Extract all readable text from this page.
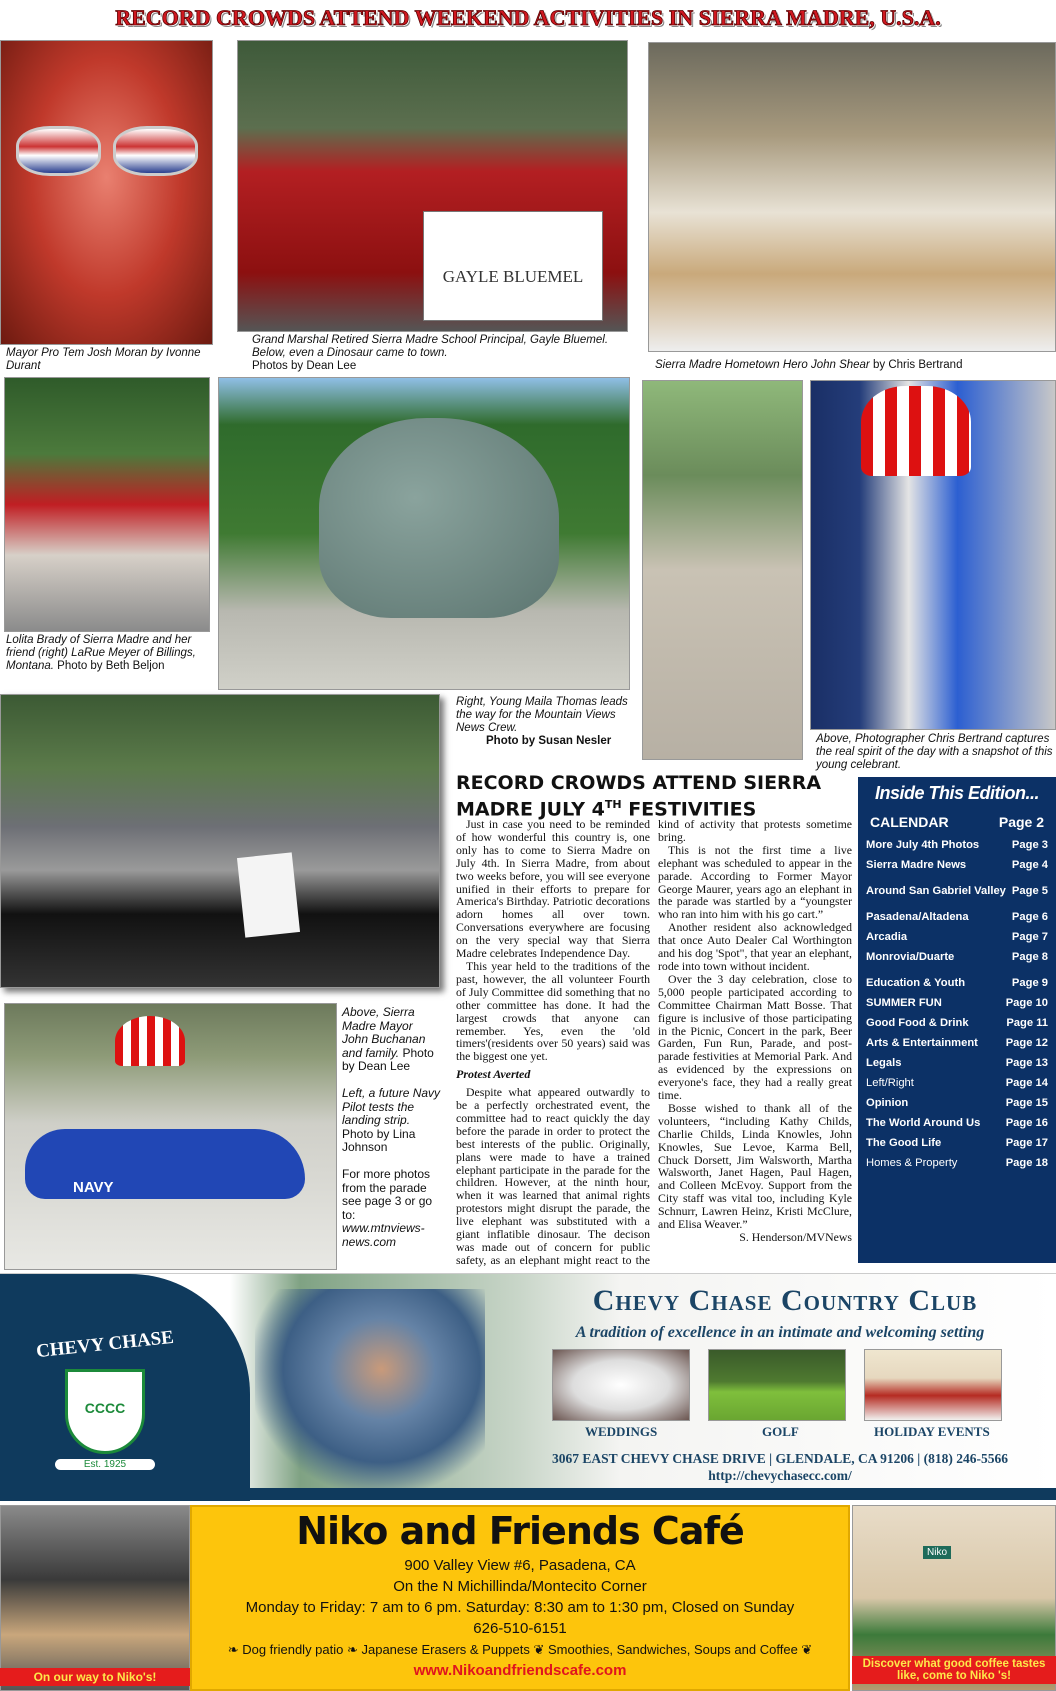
RECORD CROWDS ATTEND WEEKEND ACTIVITIES IN SIERRA MADRE, U.S.A.
Mayor Pro Tem Josh Moran by Ivonne Durant
GAYLE BLUEMEL
Grand Marshal Retired Sierra Madre School Principal, Gayle Bluemel. Below, even a Dinosaur came to town.
Photos by Dean Lee	Sierra Madre Hometown Hero John Shear by Chris Bertrand
Lolita Brady of Sierra Madre and her friend (right) LaRue Meyer of Billings, Montana. Photo by Beth Beljon
Above, Photographer Chris Bertrand captures the real spirit of the day with a snapshot of this young celebrant.
Right, Young Maila Thomas leads the way for the Mountain Views News Crew.
Photo by Susan Nesler
NAVY
Above, Sierra Madre Mayor John Buchanan and family. Photo by Dean Lee

Left, a future Navy Pilot tests the landing strip.
Photo by Lina Johnson

For more photos from the parade see page 3 or go to:
www.mtnviews-news.com
RECORD CROWDS ATTEND SIERRA MADRE JULY 4TH FESTIVITIES

Just in case you need to be reminded of how wonderful this country is, one only has to come to Sierra Madre on July 4th. In Sierra Madre, from about two weeks before, you will see everyone unified in their efforts to prepare for America's Birthday. Patriotic decorations adorn homes all over town. Conversations everywhere are focusing on the very special way that Sierra Madre celebrates Independence Day.

This year held to the traditions of the past, however, the all volunteer Fourth of July Committee did something that no other committee has done. It had the largest crowds that anyone can remember. Yes, even the 'old timers'(residents over 50 years) said was the biggest one yet.

Protest Averted

Despite what appeared outwardly to be a perfectly orchestrated event, the committee had to react quickly the day before the parade in order to protect the best interests of the public. Originally, plans were made to have a trained elephant participate in the parade for the children. However, at the ninth hour, when it was learned that animal rights protestors might disrupt the parade, the live elephant was substituted with a giant inflatible dinosaur. The decison was made out of concern for public safety, as an elephant might react to the kind of activity that protests sometime bring.

This is not the first time a live elephant was scheduled to appear in the parade. According to Former Mayor George Maurer, years ago an elephant in the parade was startled by a “youngster who ran into him with his go cart.”

Another resident also acknowledged that once Auto Dealer Cal Worthington and his dog 'Spot", that year an elephant, rode into town without incident.

Over the 3 day celebration, close to 5,000 people participated according to Committee Chairman Matt Bosse. That figure is inclusive of those participating in the Picnic, Concert in the park, Beer Garden, Fun Run, Parade, and post-parade festivities at Memorial Park. And as evidenced by the expressions on everyone's face, they had a really great time.

Bosse wished to thank all of the volunteers, “including Kathy Childs, Charlie Childs, Linda Knowles, John Knowles, Sue Levoe, Karma Bell, Chuck Dorsett, Jim Walsworth, Martha Walsworth, Janet Hagen, Paul Hagen, and Colleen McEvoy. Support from the City staff was vital too, including Kyle Schnurr, Lawren Heinz, Kristi McClure, and Elisa Weaver.”

S. Henderson/MVNews
Inside This Edition...
CALENDAR	Page 2
More July 4th Photos	Page 3
Sierra Madre News	Page 4
Around San Gabriel Valley Page 5
Pasadena/Altadena	Page 6
Arcadia	Page 7
Monrovia/Duarte	Page 8
Education & Youth	Page 9
SUMMER FUN	Page 10
Good Food & Drink	Page 11
Arts & Entertainment Page 12
Legals	Page 13
Left/Right	Page 14
Opinion	Page 15
The World Around Us Page 16
The Good Life	Page 17
Homes & Property	Page 18
CHEVY CHASE
CCCC
Est. 1925
Chevy Chase Country Club
A tradition of excellence in an intimate and welcoming setting
WEDDINGS	GOLF	HOLIDAY EVENTS
3067 EAST CHEVY CHASE DRIVE | GLENDALE, CA 91206 | (818) 246-5566
http://chevychasecc.com/
On our way to Niko's!
Niko and Friends Café
900 Valley View #6, Pasadena, CA
On the N Michillinda/Montecito Corner
Monday to Friday: 7 am to 6 pm. Saturday: 8:30 am to 1:30 pm, Closed on Sunday
626-510-6151
❧ Dog friendly patio ❧ Japanese Erasers & Puppets ❦ Smoothies, Sandwiches, Soups and Coffee ❦
www.Nikoandfriendscafe.com
Niko
Discover what good coffee tastes like, come to Niko 's!
